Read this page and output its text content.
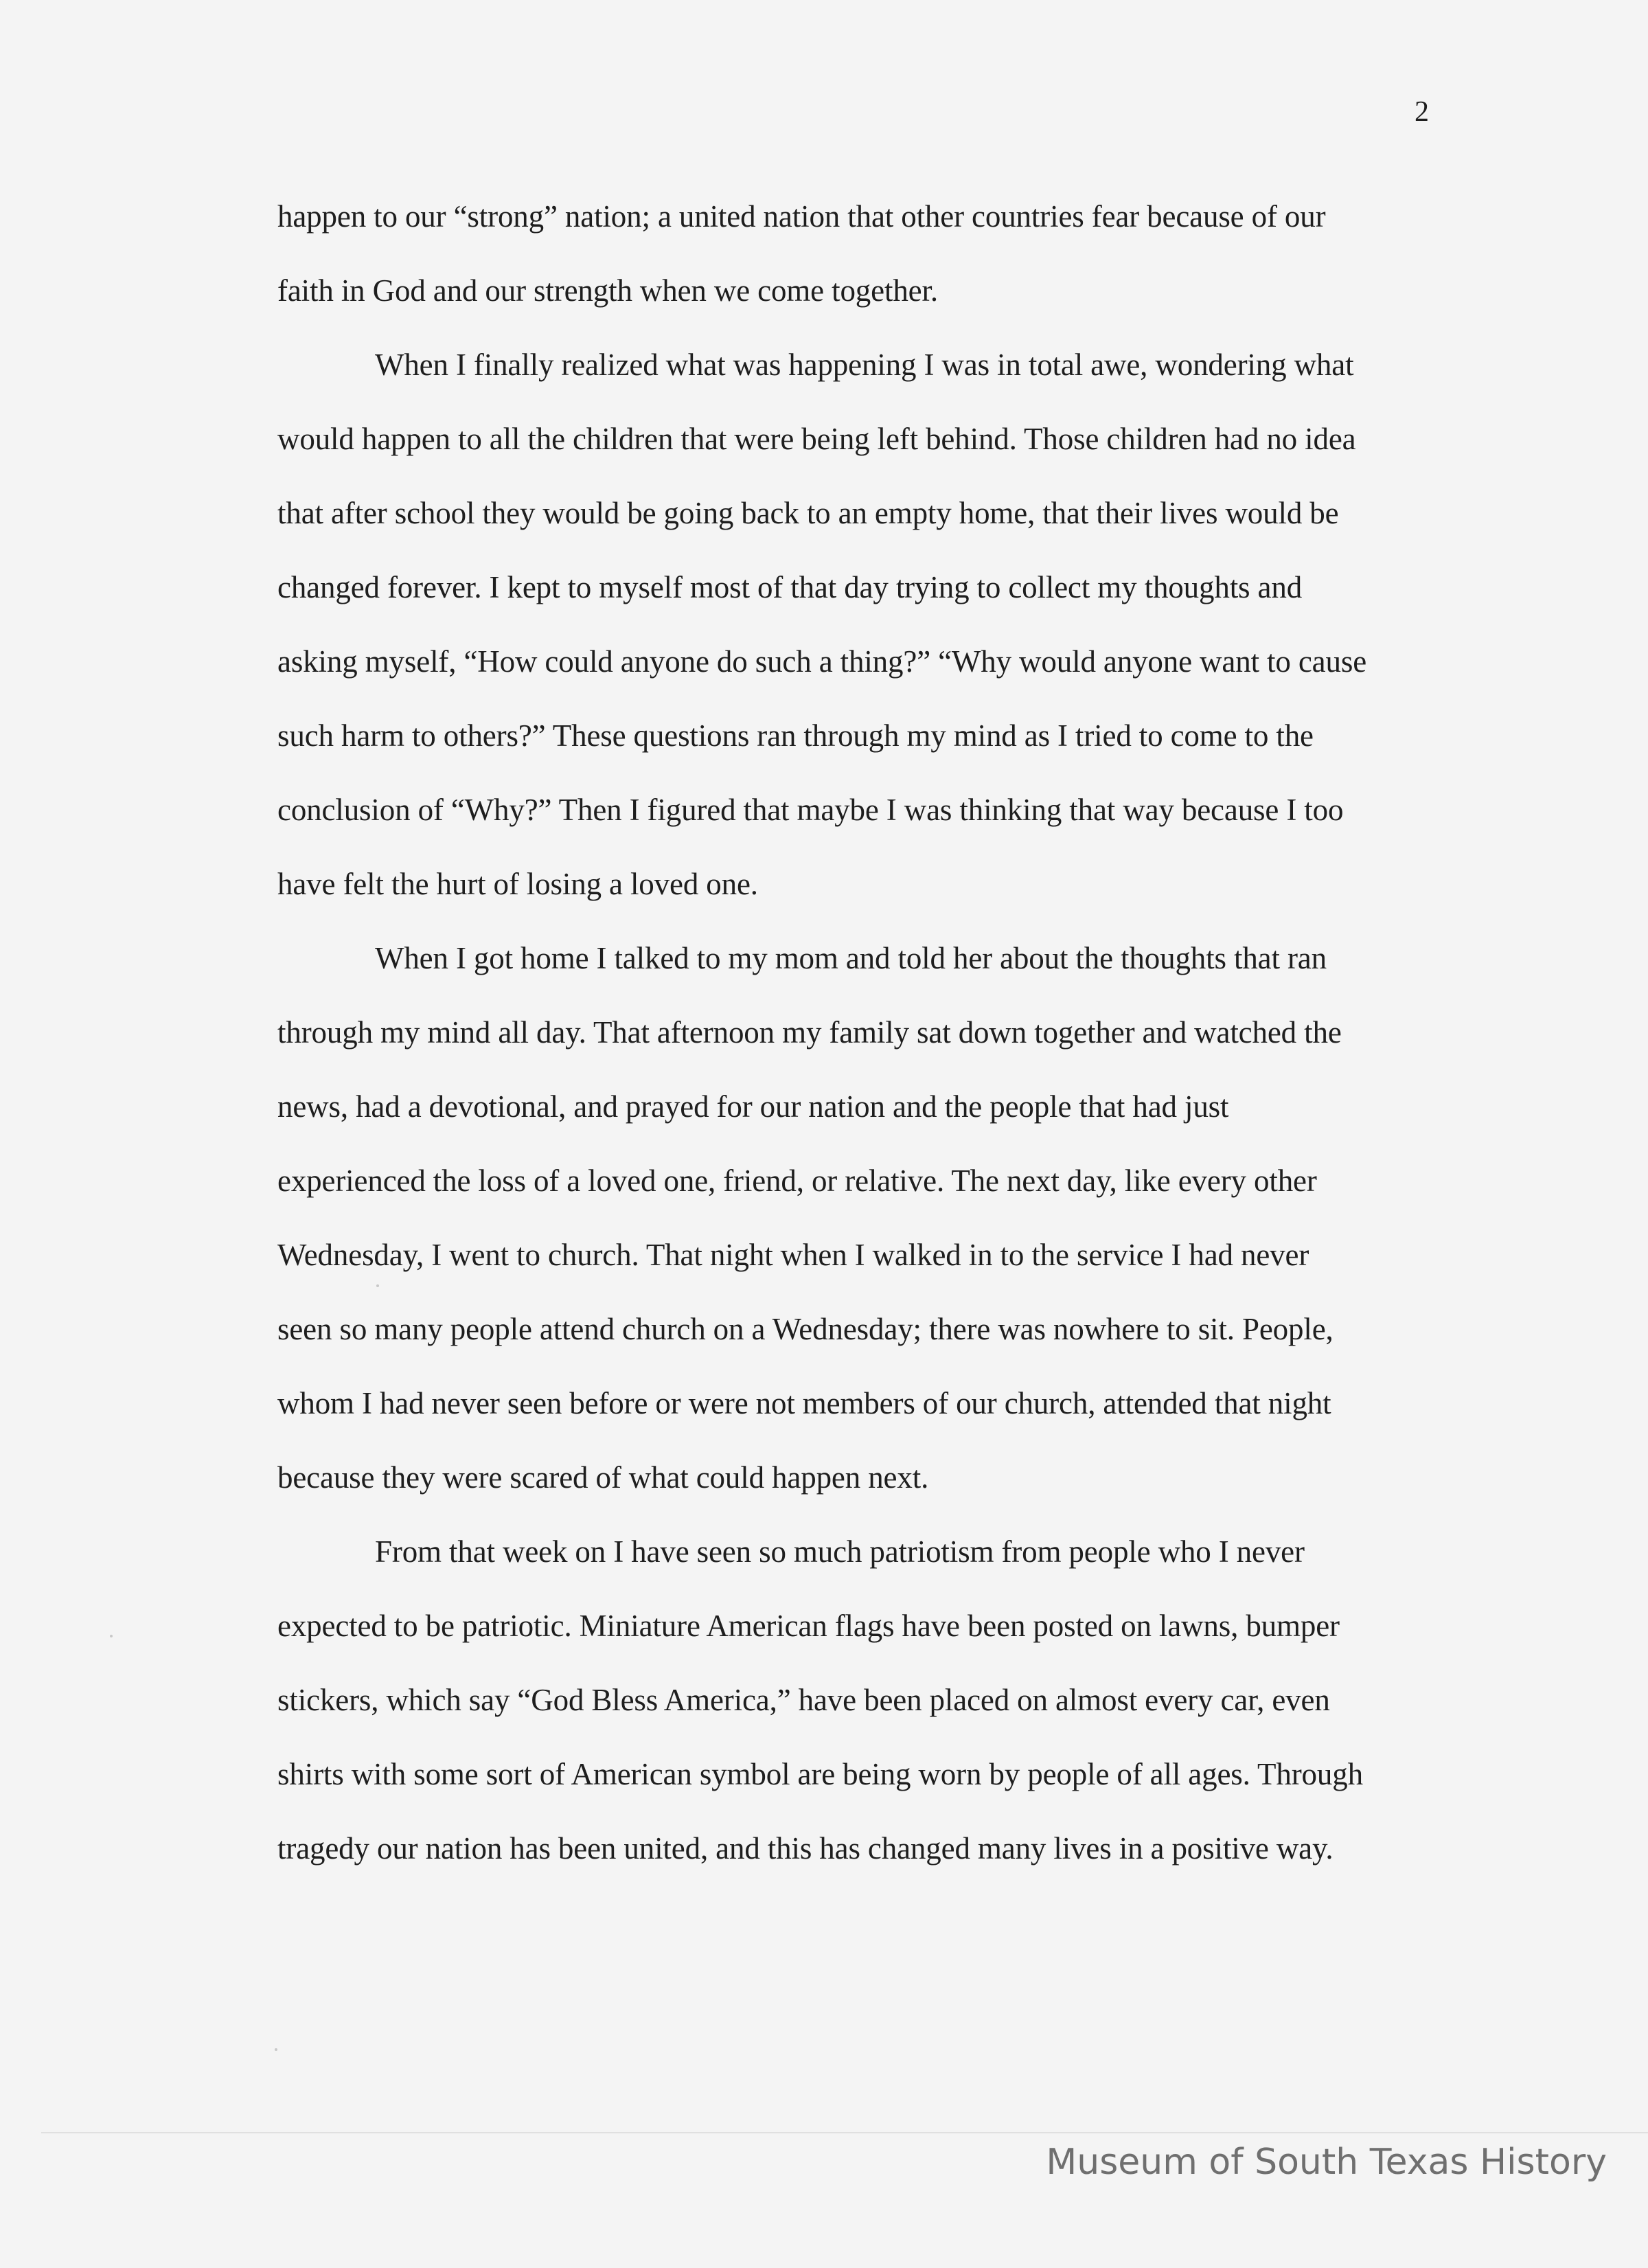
2
happen to our “strong” nation; a united nation that other countries fear because of our
faith in God and our strength when we come together.
When I finally realized what was happening I was in total awe, wondering what
would happen to all the children that were being left behind. Those children had no idea
that after school they would be going back to an empty home, that their lives would be
changed forever. I kept to myself most of that day trying to collect my thoughts and
asking myself, “How could anyone do such a thing?” “Why would anyone want to cause
such harm to others?” These questions ran through my mind as I tried to come to the
conclusion of “Why?” Then I figured that maybe I was thinking that way because I too
have felt the hurt of losing a loved one.
When I got home I talked to my mom and told her about the thoughts that ran
through my mind all day. That afternoon my family sat down together and watched the
news, had a devotional, and prayed for our nation and the people that had just
experienced the loss of a loved one, friend, or relative. The next day, like every other
Wednesday, I went to church. That night when I walked in to the service I had never
seen so many people attend church on a Wednesday; there was nowhere to sit. People,
whom I had never seen before or were not members of our church, attended that night
because they were scared of what could happen next.
From that week on I have seen so much patriotism from people who I never
expected to be patriotic. Miniature American flags have been posted on lawns, bumper
stickers, which say “God Bless America,” have been placed on almost every car, even
shirts with some sort of American symbol are being worn by people of all ages. Through
tragedy our nation has been united, and this has changed many lives in a positive way.
Museum of South Texas History
